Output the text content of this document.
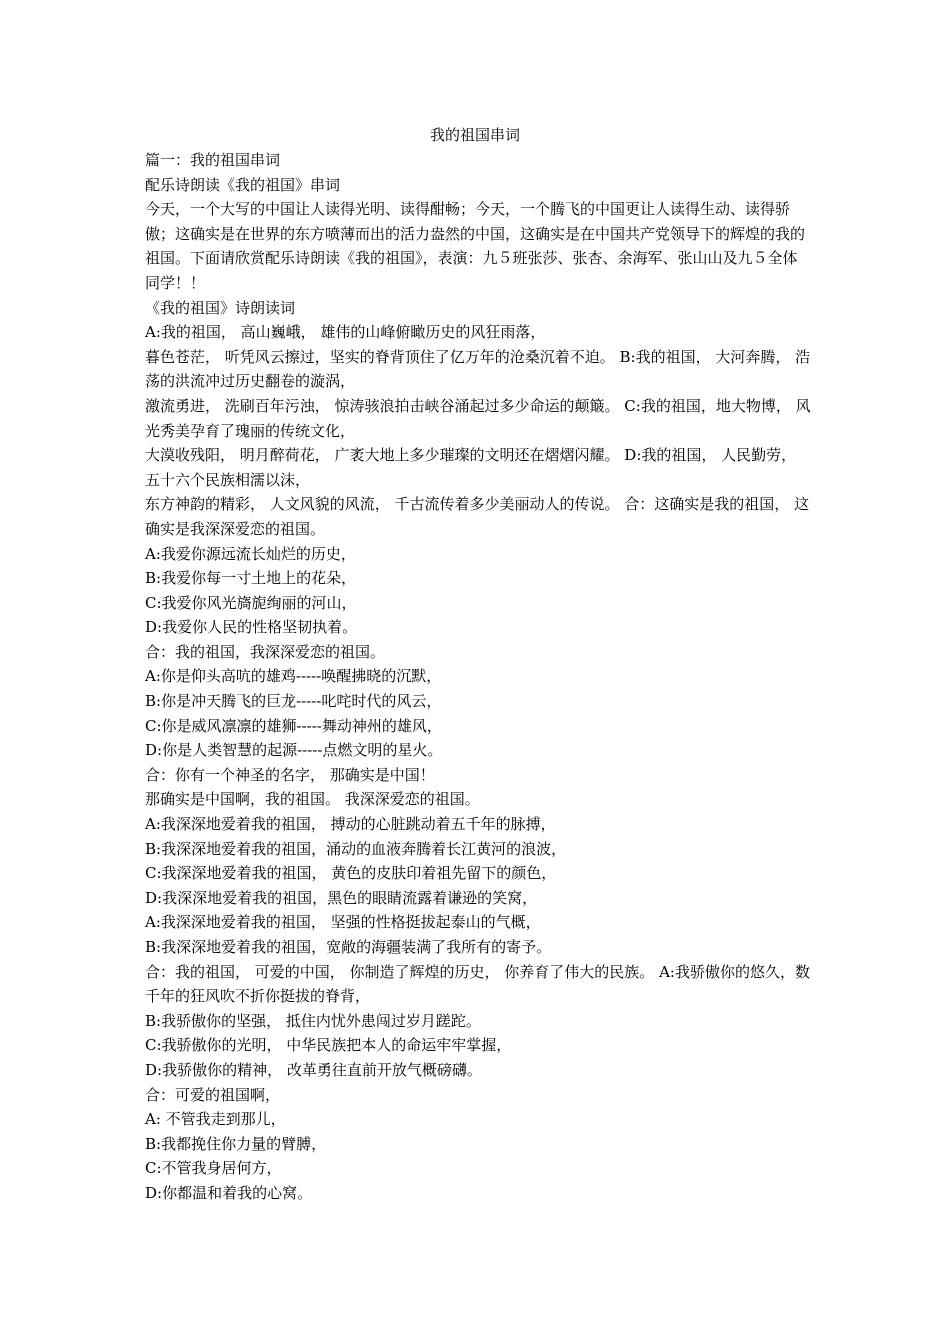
我的祖国串词

篇一：我的祖国串词

配乐诗朗读《我的祖国》串词

今天，一个大写的中国让人读得光明、读得酣畅；今天，一个腾飞的中国更让人读得生动、读得骄傲；这确实是在世界的东方喷薄而出的活力盎然的中国，这确实是在中国共产党领导下的辉煌的我的祖国。下面请欣赏配乐诗朗读《我的祖国》，表演：九５班张莎、张杏、余海军、张山山及九５全体同学！！

《我的祖国》诗朗读词

A:我的祖国， 高山巍峨， 雄伟的山峰俯瞰历史的风狂雨落，

暮色苍茫， 听凭风云擦过，坚实的脊背顶住了亿万年的沧桑沉着不迫。 B:我的祖国， 大河奔腾， 浩荡的洪流冲过历史翻卷的漩涡，

激流勇进， 洗刷百年污浊， 惊涛骇浪拍击峡谷涌起过多少命运的颠簸。 C:我的祖国，地大物博， 风光秀美孕育了瑰丽的传统文化，

大漠收残阳， 明月醉荷花， 广袤大地上多少璀璨的文明还在熠熠闪耀。 D:我的祖国， 人民勤劳，五十六个民族相濡以沫，

东方神韵的精彩， 人文风貌的风流， 千古流传着多少美丽动人的传说。 合：这确实是我的祖国， 这确实是我深深爱恋的祖国。

A:我爱你源远流长灿烂的历史，

B:我爱你每一寸土地上的花朵，

C:我爱你风光旖旎绚丽的河山，

D:我爱你人民的性格坚韧执着。

合：我的祖国，我深深爱恋的祖国。

A:你是仰头高吭的雄鸡-----唤醒拂晓的沉默，

B:你是冲天腾飞的巨龙-----叱咤时代的风云，

C:你是威风凛凛的雄狮-----舞动神州的雄风，

D:你是人类智慧的起源-----点燃文明的星火。

合：你有一个神圣的名字， 那确实是中国！

那确实是中国啊，我的祖国。 我深深爱恋的祖国。

A:我深深地爱着我的祖国， 搏动的心脏跳动着五千年的脉搏，

B:我深深地爱着我的祖国，涌动的血液奔腾着长江黄河的浪波，

C:我深深地爱着我的祖国， 黄色的皮肤印着祖先留下的颜色，

D:我深深地爱着我的祖国，黑色的眼睛流露着谦逊的笑窝，

A:我深深地爱着我的祖国， 坚强的性格挺拔起泰山的气概，

B:我深深地爱着我的祖国，宽敞的海疆装满了我所有的寄予。

合：我的祖国， 可爱的中国， 你制造了辉煌的历史， 你养育了伟大的民族。 A:我骄傲你的悠久，数千年的狂风吹不折你挺拔的脊背，

B:我骄傲你的坚强， 抵住内忧外患闯过岁月蹉跎。

C:我骄傲你的光明， 中华民族把本人的命运牢牢掌握，

D:我骄傲你的精神， 改革勇往直前开放气概磅礴。

合：可爱的祖国啊，

A: 不管我走到那儿，

B:我都挽住你力量的臂膊，

C:不管我身居何方，

D:你都温和着我的心窝。
